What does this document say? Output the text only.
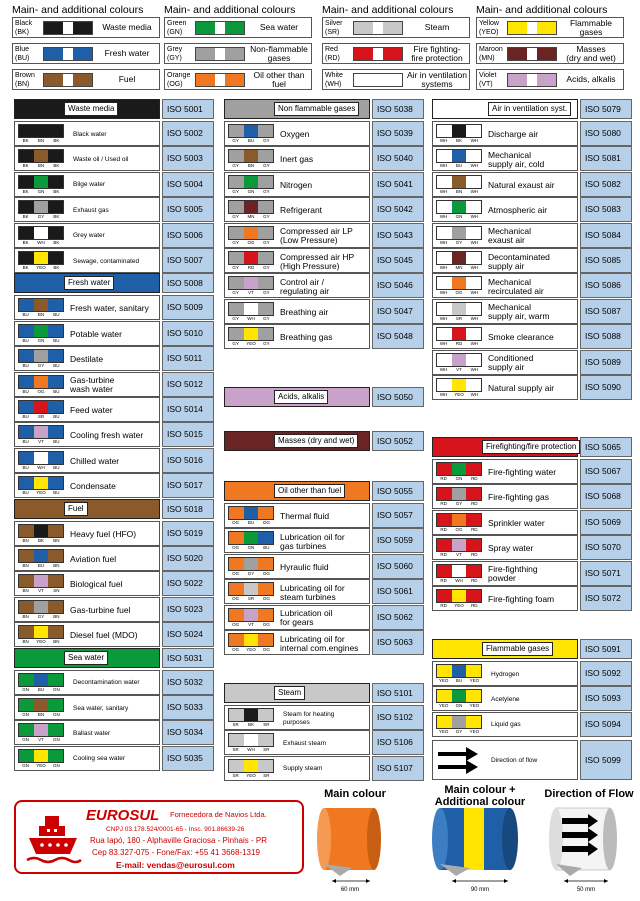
Main- and additional colours
Black
(BK)
Waste media
Blue
(BU)
Fresh water
Brown
(BN)
Fuel
Main- and additional colours
Green
(GN)
Sea water
Grey
(GY)
Non-flammable
gases
Orange
(OG)
Oil other than
fuel
Main- and additional colours
Silver
(SR)
Steam
Red
(RD)
Fire fighting-
fire protection
White
(WH)
Air in ventilation
systems
Main- and additional colours
Yellow
(YEO)
Flammable
gases
Maroon
(MN)
Masses
(dry and wet)
Violet
(VT)
Acids, alkalis
Waste media	ISO 5001
BK	BN	BK
Black water	ISO 5002
BK	BN	BK
Waste oil / Used oil	ISO 5003
BK	GN	BK
Bilge water	ISO 5004
BK	GY	BK
Exhaust gas	ISO 5005
BK	WH	BK
Grey water	ISO 5006
BK	YEO	BK
Sewage, contaminated	ISO 5007
Fresh water	ISO 5008
BU	BN	BU
Fresh water, sanitary	ISO 5009
BU	GN	BU
Potable water	ISO 5010
BU	GY	BU
Destilate	ISO 5011
BU	OG	BU
Gas-turbine
wash water
ISO 5012
BU	SR	BU
Feed water	ISO 5014
BU	VT	BU
Cooling fresh water	ISO 5015
BU	WH	BU
Chilled water	ISO 5016
BU	YEO	BU
Condensate	ISO 5017
Fuel	ISO 5018
BN	BK	BN
Heavy fuel (HFO)	ISO 5019
BN	BU	BN
Aviation fuel	ISO 5020
BN	VT	SN
Biological fuel	ISO 5022
BN	GY	BN
Gas-turbine fuel	ISO 5023
BN	YEO	BN
Diesel fuel (MDO)	ISO 5024
Sea water	ISO 5031
GN	BU	GN
Decontamination water	ISO 5032
GN	BN	GN
Sea water, sanitary	ISO 5033
GN	VT	GN
Ballast water	ISO 5034
GN	YEO	GN
Cooling sea water	ISO 5035
Non flammable gases	ISO 5038
GY	BU	GY
Oxygen	ISO 5039
GY	BN	GY
Inert gas	ISO 5040
GY	GN	GY
Nitrogen	ISO 5041
GY	MN	GY
Refrigerant	ISO 5042
GY	OG	GY
Compressed air LP
(Low Pressure)
ISO 5043
GY	RD	GY
Compressed air HP
(High Pressure)
ISO 5045
GY	VT	GY
Control air /
regulating air
ISO 5046
GY	WH	GY
Breathing air	ISO 5047
GY	YEO	GY
Breathing gas	ISO 5048
Acids, alkalis	ISO 5050
Masses (dry and wet)	ISO 5052
Oil other than fuel	ISO 5055
OG	BU	OG
Thermal fluid	ISO 5057
OG	GN	BU
Lubrication oil for
gas turbines
ISO 5059
OG	GY	OG
Hyraulic fluid	ISO 5060
OG	SR	OG
Lubricating oil for
steam turbines
ISO 5061
OG	VT	OG
Lubrication oil
for gears
ISO 5062
OG	YEO	OG
Lubricating oil for
internal com.engines
ISO 5063
Steam	ISO 5101
SR	BK	SR
Steam for heating
purposes	ISO 5102
SR	WH	SR
Exhaust steam	ISO 5106
SR	YEO	SR
Supply steam	ISO 5107
Air in ventilation syst.	ISO 5079
WH	BK	WH
Discharge air	ISO 5080
WH	BU	WH
Mechanical
supply air, cold
ISO 5081
WH	BN	WH
Natural exaust air	ISO 5082
WH	GN	WH
Atmospheric air	ISO 5083
WH	GY	WH
Mechanical
exaust air
ISO 5084
WH	MN	WH
Decontaminated
supply air
ISO 5085
WH	OG	WH
Mechanical
recirculated air
ISO 5086
WH	SR	WH
Mechanical
supply air, warm
ISO 5087
WH	RD	WH
Smoke clearance	ISO 5088
WH	VT	WH
Conditioned
supply air
ISO 5089
WH	YEO	WH
Natural supply air	ISO 5090
Firefighting/fire protection	ISO 5065
RD	GN	RD
Fire-fighting water	ISO 5067
RD	GY	RD
Fire-fighting gas	ISO 5068
RD	OG	RD
Sprinkler water	ISO 5069
RD	VT	RD
Spray water	ISO 5070
RD	WH	RD
Fire-fighthing
powder
ISO 5071
RD	YEO	RD
Fire-fighting foam	ISO 5072
Flammable gases	ISO 5091
YEO	BU	YEO
Hydrogen	ISO 5092
YEO	GN	YEO
Acetylene	ISO 5093
YEO	GY	YEO
Liquid gas	ISO 5094
Direction of flow	ISO 5099
EUROSUL Fornecedora de Navios Ltda.
CNPJ 03.178.524/0001-65 - Insc. 901.86639-26
Rua Iapó, 180 - Alphaville Graciosa - Pinhais - PR
Cep 83.327-075 - Fone/Fax: +55 41 3668-1319
E-mail: vendas@eurosul.com
Main colour	Main colour +
Additional colour
Direction of Flow
60 mm	90 mm	50 mm
